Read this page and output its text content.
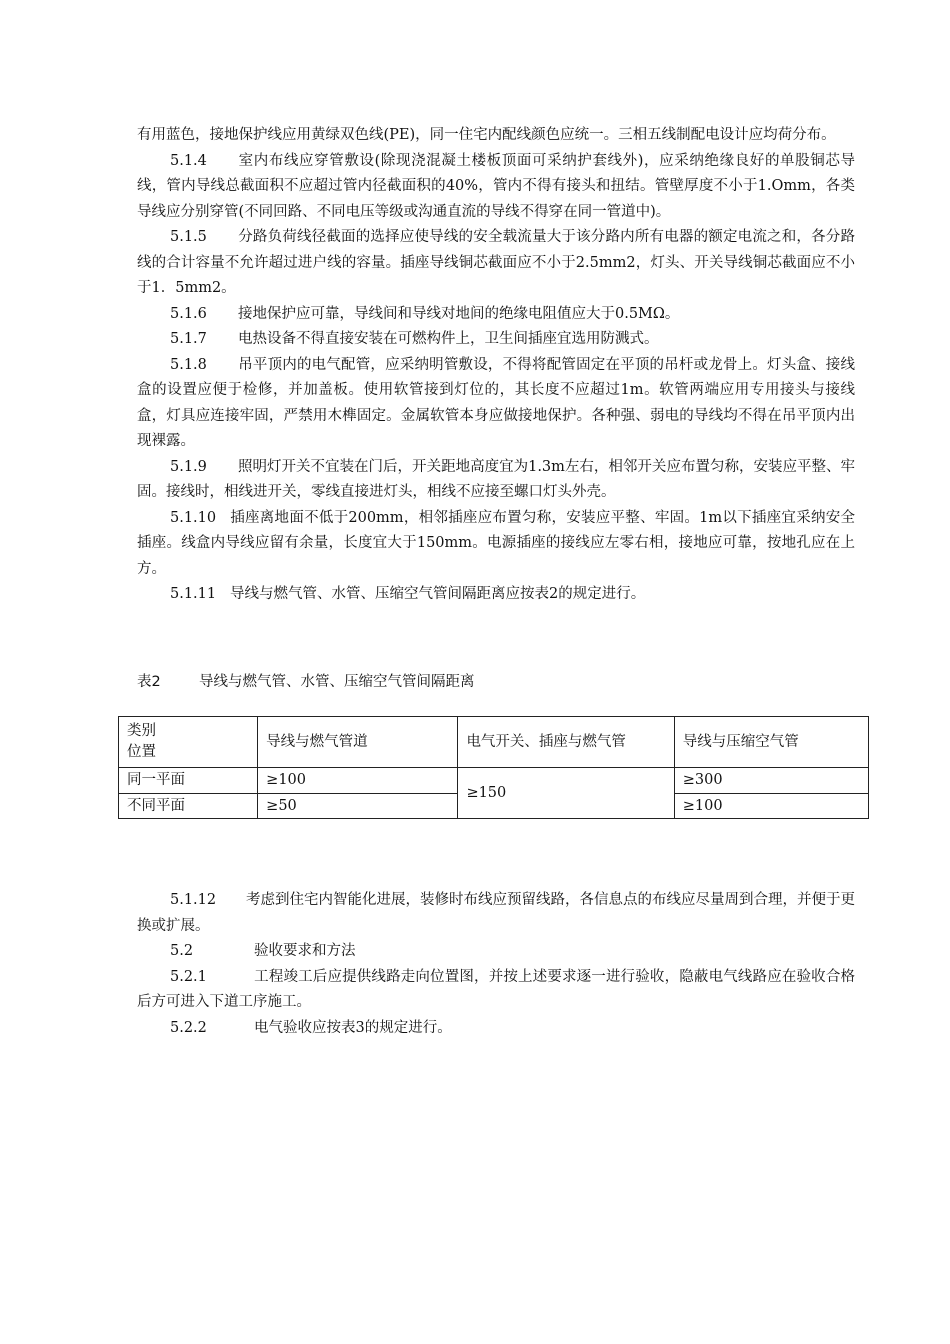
有用蓝色，接地保护线应用黄绿双色线(PE)，同一住宅内配线颜色应统一。三相五线制配电设计应均荷分布。

5.1.4 室内布线应穿管敷设(除现浇混凝土楼板顶面可采纳护套线外)，应采纳绝缘良好的单股铜芯导线，管内导线总截面积不应超过管内径截面积的40%，管内不得有接头和扭结。管壁厚度不小于1.Omm，各类导线应分别穿管(不同回路、不同电压等级或沟通直流的导线不得穿在同一管道中)。

5.1.5 分路负荷线径截面的选择应使导线的安全载流量大于该分路内所有电器的额定电流之和，各分路线的合计容量不允许超过进户线的容量。插座导线铜芯截面应不小于2.5mm2，灯头、开关导线铜芯截面应不小于1．5mm2。

5.1.6 接地保护应可靠，导线间和导线对地间的绝缘电阻值应大于0.5MΩ。

5.1.7 电热设备不得直接安装在可燃构件上，卫生间插座宜选用防溅式。

5.1.8 吊平顶内的电气配管，应采纳明管敷设，不得将配管固定在平顶的吊杆或龙骨上。灯头盒、接线盒的设置应便于检修，并加盖板。使用软管接到灯位的，其长度不应超过1m。软管两端应用专用接头与接线盒，灯具应连接牢固，严禁用木榫固定。金属软管本身应做接地保护。各种强、弱电的导线均不得在吊平顶内出现裸露。

5.1.9 照明灯开关不宜装在门后，开关距地高度宜为1.3m左右，相邻开关应布置匀称，安装应平整、牢固。接线时，相线进开关，零线直接进灯头，相线不应接至螺口灯头外壳。

5.1.10 插座离地面不低于200mm，相邻插座应布置匀称，安装应平整、牢固。1m以下插座宜采纳安全插座。线盒内导线应留有余量，长度宜大于150mm。电源插座的接线应左零右相，接地应可靠，按地孔应在上方。

5.1.11 导线与燃气管、水管、压缩空气管间隔距离应按表2的规定进行。

表2	导线与燃气管、水管、压缩空气管间隔距离
类别
位置	导线与燃气管道	电气开关、插座与燃气管	导线与压缩空气管
同一平面	≥100	≥150	≥300
不同平面	≥50		≥100

5.1.12 考虑到住宅内智能化进展，装修时布线应预留线路，各信息点的布线应尽量周到合理，并便于更换或扩展。

5.2	验收要求和方法

5.2.1	工程竣工后应提供线路走向位置图，并按上述要求逐一进行验收，隐蔽电气线路应在验收合格后方可进入下道工序施工。

5.2.2	电气验收应按表3的规定进行。
